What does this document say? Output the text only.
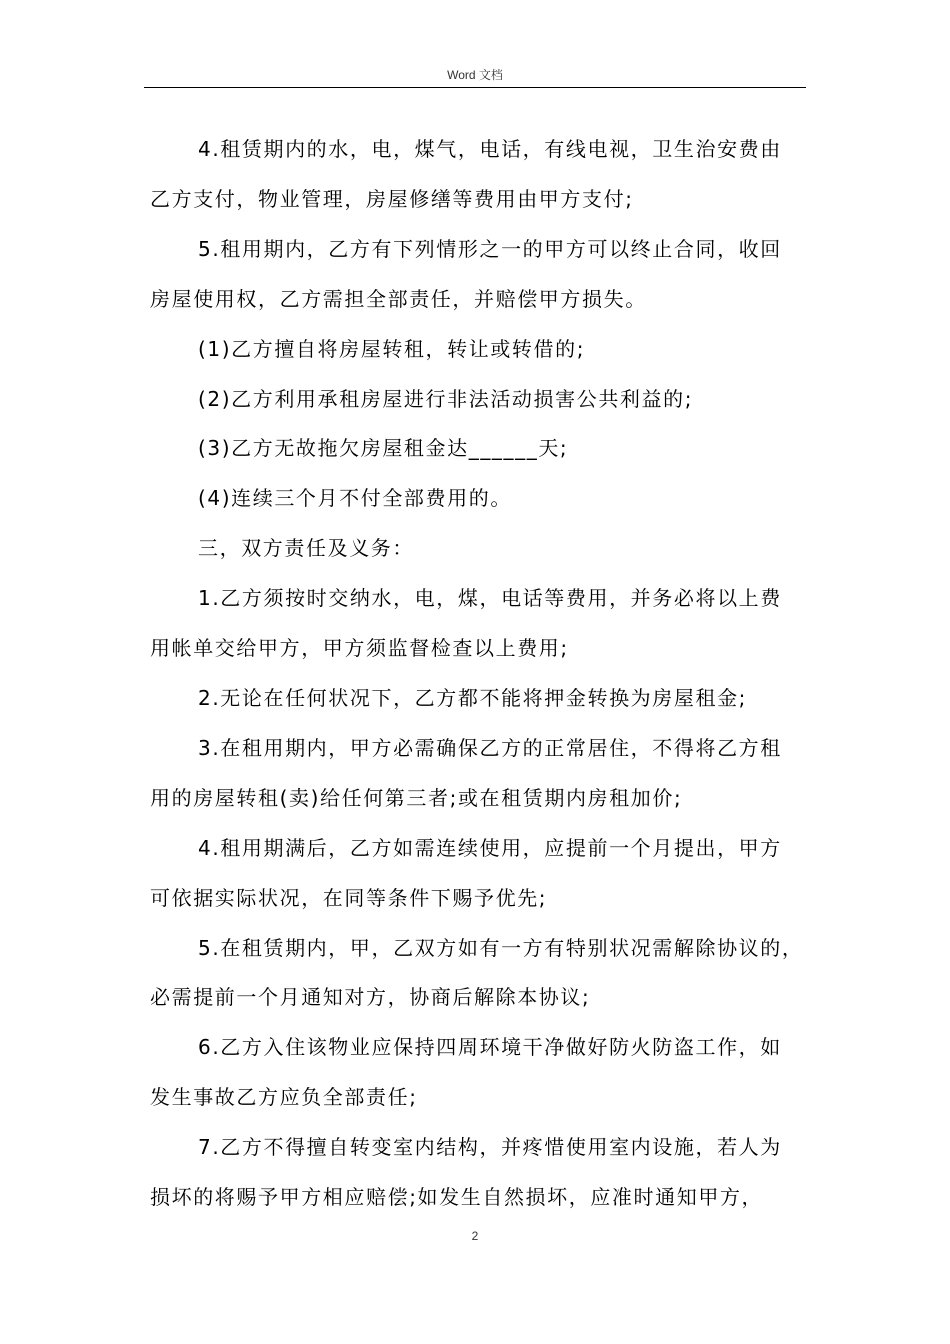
Word 文档
4.租赁期内的水，电，煤气，电话，有线电视，卫生治安费由
乙方支付，物业管理，房屋修缮等费用由甲方支付;
5.租用期内，乙方有下列情形之一的甲方可以终止合同，收回
房屋使用权，乙方需担全部责任，并赔偿甲方损失。
(1)乙方擅自将房屋转租，转让或转借的;
(2)乙方利用承租房屋进行非法活动损害公共利益的;
(3)乙方无故拖欠房屋租金达______天;
(4)连续三个月不付全部费用的。
三，双方责任及义务：
1.乙方须按时交纳水，电，煤，电话等费用，并务必将以上费
用帐单交给甲方，甲方须监督检查以上费用;
2.无论在任何状况下，乙方都不能将押金转换为房屋租金;
3.在租用期内，甲方必需确保乙方的正常居住，不得将乙方租
用的房屋转租(卖)给任何第三者;或在租赁期内房租加价;
4.租用期满后，乙方如需连续使用，应提前一个月提出，甲方
可依据实际状况，在同等条件下赐予优先;
5.在租赁期内，甲，乙双方如有一方有特别状况需解除协议的，
必需提前一个月通知对方，协商后解除本协议;
6.乙方入住该物业应保持四周环境干净做好防火防盗工作，如
发生事故乙方应负全部责任;
7.乙方不得擅自转变室内结构，并疼惜使用室内设施，若人为
损坏的将赐予甲方相应赔偿;如发生自然损坏，应准时通知甲方，
2
